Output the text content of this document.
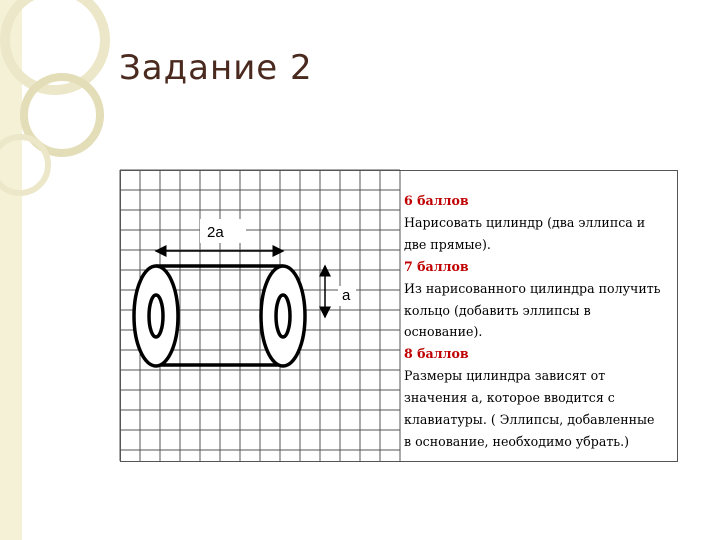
Задание 2
2a
a
6 баллов
Нарисовать цилиндр (два эллипса и
две прямые).
7 баллов
Из нарисованного цилиндра получить
кольцо (добавить эллипсы в
основание).
8 баллов
Размеры цилиндра зависят от
значения a, которое вводится с
клавиатуры. ( Эллипсы, добавленные
в основание, необходимо убрать.)
